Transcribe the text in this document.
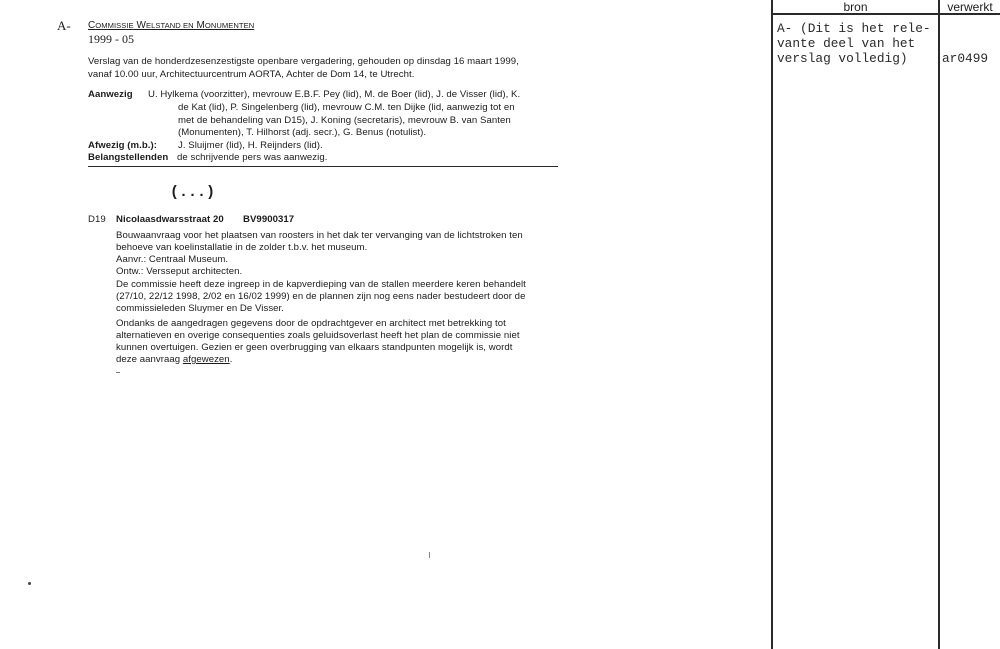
A- COMMISSIE WELSTAND EN MONUMENTEN
1999 - 05
Verslag van de honderdzesenzestigste openbare vergadering, gehouden op dinsdag 16 maart 1999,
vanaf 10.00 uur, Architectuurcentrum AORTA, Achter de Dom 14, te Utrecht.
Aanwezig U. Hylkema (voorzitter), mevrouw E.B.F. Pey (lid), M. de Boer (lid), J. de Visser (lid), K.
de Kat (lid), P. Singelenberg (lid), mevrouw C.M. ten Dijke (lid, aanwezig tot en
met de behandeling van D15), J. Koning (secretaris), mevrouw B. van Santen
(Monumenten), T. Hilhorst (adj. secr.), G. Benus (notulist).
Afwezig (m.b.): J. Sluijmer (lid), H. Reijnders (lid).
Belangstellenden de schrijvende pers was aanwezig.
(...)
D19 Nicolaasdwarsstraat 20 BV9900317
Bouwaanvraag voor het plaatsen van roosters in het dak ter vervanging van de lichtstroken ten
behoeve van koelinstallatie in de zolder t.b.v. het museum.
Aanvr.: Centraal Museum.
Ontw.: Versseput architecten.
De commissie heeft deze ingreep in de kapverdieping van de stallen meerdere keren behandelt
(27/10, 22/12 1998, 2/02 en 16/02 1999) en de plannen zijn nog eens nader bestudeert door de
commissieleden Sluymer en De Visser.
Ondanks de aangedragen gegevens door de opdrachtgever en architect met betrekking tot
alternatieven en overige consequenties zoals geluidsoverlast heeft het plan de commissie niet
kunnen overtuigen. Gezien er geen overbrugging van elkaars standpunten mogelijk is, wordt
deze aanvraag afgewezen.
bron	verwerkt
A- (Dit is het rele-
vante deel van het
verslag volledig)	ar0499
